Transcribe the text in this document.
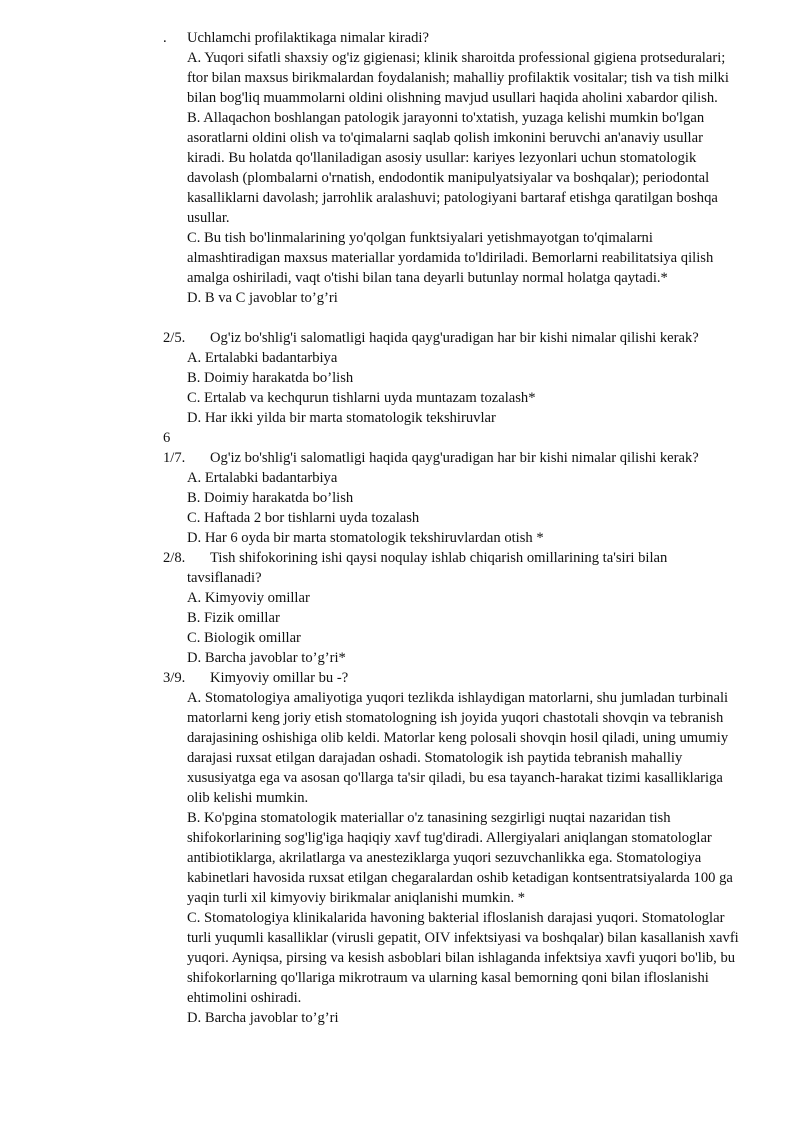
. Uchlamchi profilaktikaga nimalar kiradi?
A. Yuqori sifatli shaxsiy og'iz gigienasi; klinik sharoitda professional gigiena protseduralari; ftor bilan maxsus birikmalardan foydalanish; mahalliy profilaktik vositalar; tish va tish milki bilan bog'liq muammolarni oldini olishning mavjud usullari haqida aholini xabardor qilish.
B. Allaqachon boshlangan patologik jarayonni to'xtatish, yuzaga kelishi mumkin bo'lgan asoratlarni oldini olish va to'qimalarni saqlab qolish imkonini beruvchi an'anaviy usullar kiradi. Bu holatda qo'llaniladigan asosiy usullar: kariyes lezyonlari uchun stomatologik davolash (plombalarni o'rnatish, endodontik manipulyatsiyalar va boshqalar); periodontal kasalliklarni davolash; jarrohlik aralashuvi; patologiyani bartaraf etishga qaratilgan boshqa usullar.
C. Bu tish bo'linmalarining yo'qolgan funktsiyalari yetishmayotgan to'qimalarni almashtiradigan maxsus materiallar yordamida to'ldiriladi. Bemorlarni reabilitatsiya qilish amalga oshiriladi, vaqt o'tishi bilan tana deyarli butunlay normal holatga qaytadi.*
D. B va C javoblar to’g’ri
2/5.	Og'iz bo'shlig'i salomatligi haqida qayg'uradigan har bir kishi nimalar qilishi kerak?
A. Ertalabki badantarbiya
B. Doimiy harakatda bo’lish
C. Ertalab va kechqurun tishlarni uyda muntazam tozalash*
D. Har ikki yilda bir marta stomatologik tekshiruvlar
6
1/7.	Og'iz bo'shlig'i salomatligi haqida qayg'uradigan har bir kishi nimalar qilishi kerak?
A. Ertalabki badantarbiya
B. Doimiy harakatda bo’lish
C. Haftada 2 bor tishlarni uyda tozalash
D. Har 6 oyda bir marta stomatologik tekshiruvlardan otish *
2/8.	Tish shifokorining ishi qaysi noqulay ishlab chiqarish omillarining ta'siri bilan tavsiflanadi?
A. Kimyoviy omillar
B. Fizik omillar
C. Biologik omillar
D. Barcha javoblar to’g’ri*
3/9.	Kimyoviy omillar bu -?
A. Stomatologiya amaliyotiga yuqori tezlikda ishlaydigan matorlarni, shu jumladan turbinali matorlarni keng joriy etish stomatologning ish joyida yuqori chastotali shovqin va tebranish darajasining oshishiga olib keldi. Matorlar keng polosali shovqin hosil qiladi, uning umumiy darajasi ruxsat etilgan darajadan oshadi. Stomatologik ish paytida tebranish mahalliy xususiyatga ega va asosan qo'llarga ta'sir qiladi, bu esa tayanch-harakat tizimi kasalliklariga olib kelishi mumkin.
B. Ko'pgina stomatologik materiallar o'z tanasining sezgirligi nuqtai nazaridan tish shifokorlarining sog'lig'iga haqiqiy xavf tug'diradi. Allergiyalari aniqlangan stomatologlar antibiotiklarga, akrilatlarga va anesteziklarga yuqori sezuvchanlikka ega. Stomatologiya kabinetlari havosida ruxsat etilgan chegaralardan oshib ketadigan kontsentratsiyalarda 100 ga yaqin turli xil kimyoviy birikmalar aniqlanishi mumkin. *
C. Stomatologiya klinikalarida havoning bakterial ifloslanish darajasi yuqori. Stomatologlar turli yuqumli kasalliklar (virusli gepatit, OIV infektsiyasi va boshqalar) bilan kasallanish xavfi yuqori. Ayniqsa, pirsing va kesish asboblari bilan ishlaganda infektsiya xavfi yuqori bo'lib, bu shifokorlarning qo'llariga mikrotraum va ularning kasal bemorning qoni bilan ifloslanishi ehtimolini oshiradi.
D. Barcha javoblar to’g’ri
